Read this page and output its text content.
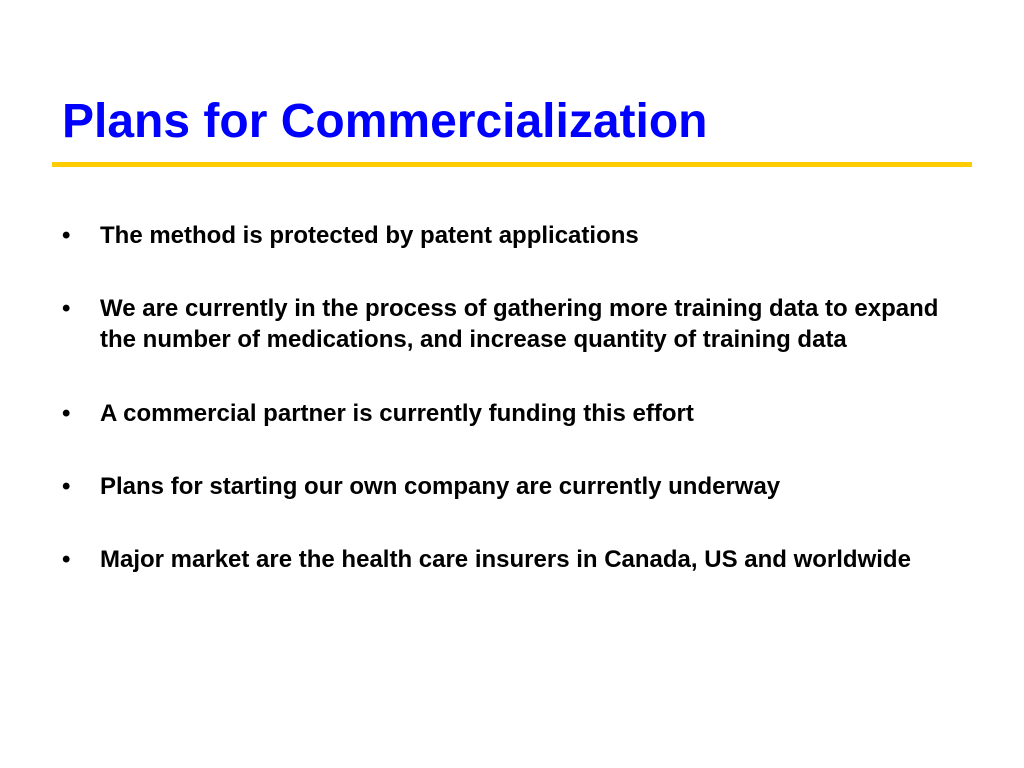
Plans for Commercialization
• The method is protected by patent applications
• We are currently in the process of gathering more training data to expand the number of medications, and increase quantity of training data
• A commercial partner is currently funding this effort
• Plans for starting our own company are currently underway
• Major market are the health care insurers in Canada, US and worldwide
